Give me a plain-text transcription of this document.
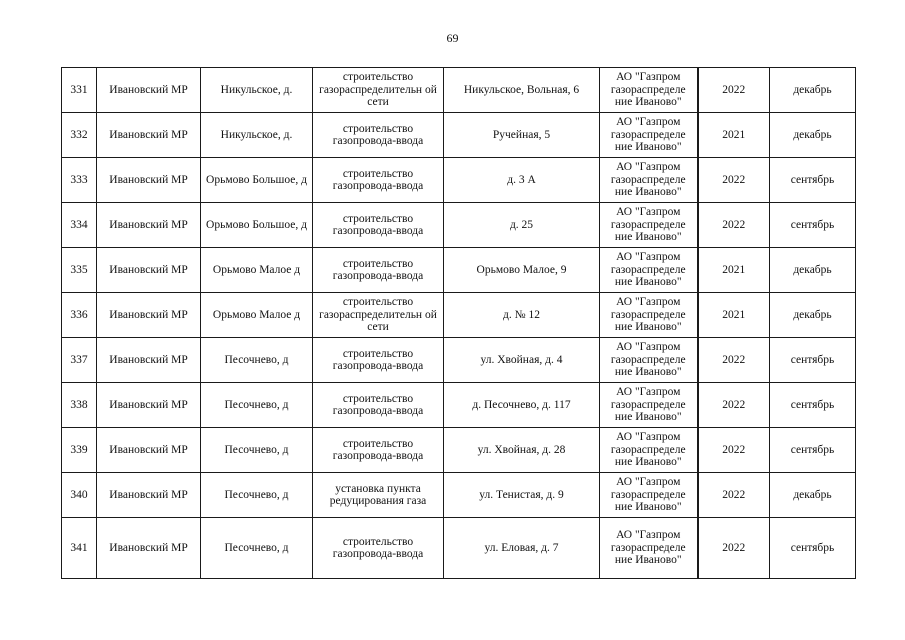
69
331	Ивановский МР	Никульское, д.	строительство газораспределительн ой сети	Никульское, Вольная, 6	АО "Газпром газораспределе ние Иваново"	2022	декабрь
332	Ивановский МР	Никульское, д.	строительство газопровода-ввода	Ручейная, 5	АО "Газпром газораспределе ние Иваново"	2021	декабрь
333	Ивановский МР	Орьмово Большое, д	строительство газопровода-ввода	д. 3 А	АО "Газпром газораспределе ние Иваново"	2022	сентябрь
334	Ивановский МР	Орьмово Большое, д	строительство газопровода-ввода	д. 25	АО "Газпром газораспределе ние Иваново"	2022	сентябрь
335	Ивановский МР	Орьмово Малое д	строительство газопровода-ввода	Орьмово Малое, 9	АО "Газпром газораспределе ние Иваново"	2021	декабрь
336	Ивановский МР	Орьмово Малое д	строительство газораспределительн ой сети	д. № 12	АО "Газпром газораспределе ние Иваново"	2021	декабрь
337	Ивановский МР	Песочнево, д	строительство газопровода-ввода	ул. Хвойная, д. 4	АО "Газпром газораспределе ние Иваново"	2022	сентябрь
338	Ивановский МР	Песочнево, д	строительство газопровода-ввода	д. Песочнево, д. 117	АО "Газпром газораспределе ние Иваново"	2022	сентябрь
339	Ивановский МР	Песочнево, д	строительство газопровода-ввода	ул. Хвойная, д. 28	АО "Газпром газораспределе ние Иваново"	2022	сентябрь
340	Ивановский МР	Песочнево, д	установка пункта редуцирования газа	ул. Тенистая, д. 9	АО "Газпром газораспределе ние Иваново"	2022	декабрь
341	Ивановский МР	Песочнево, д	строительство газопровода-ввода	ул. Еловая, д. 7	АО "Газпром газораспределе ние Иваново"	2022	сентябрь
